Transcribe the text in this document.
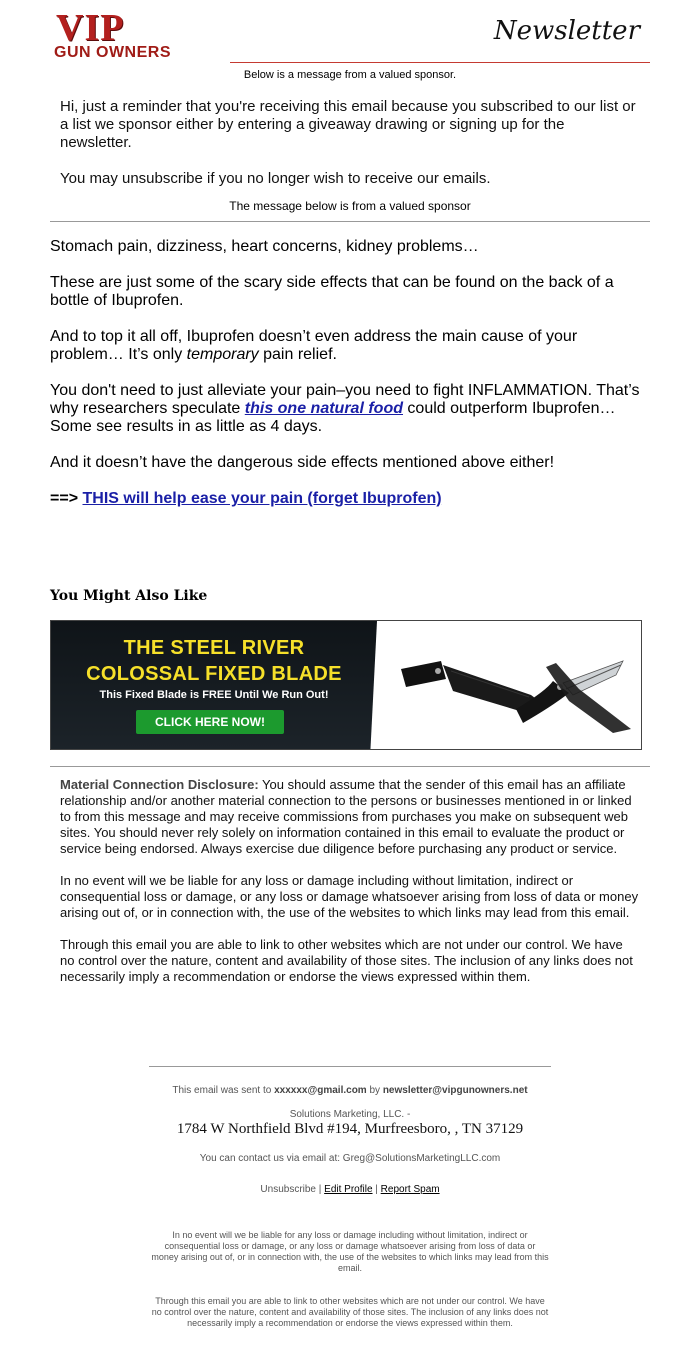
VIP
GUN OWNERS
Newsletter
Below is a message from a valued sponsor.

Hi, just a reminder that you're receiving this email because you subscribed to our list or a list we sponsor either by entering a giveaway drawing or signing up for the newsletter.

You may unsubscribe if you no longer wish to receive our emails.

The message below is from a valued sponsor

Stomach pain, dizziness, heart concerns, kidney problems…

These are just some of the scary side effects that can be found on the back of a bottle of Ibuprofen.

And to top it all off, Ibuprofen doesn’t even address the main cause of your problem… It’s only temporary pain relief.

You don't need to just alleviate your pain–you need to fight INFLAMMATION. That’s why researchers speculate this one natural food could outperform Ibuprofen… Some see results in as little as 4 days.

And it doesn’t have the dangerous side effects mentioned above either!

==> THIS will help ease your pain (forget Ibuprofen)

You Might Also Like
THE STEEL RIVER
COLOSSAL FIXED BLADE
This Fixed Blade is FREE Until We Run Out!
CLICK HERE NOW!

Material Connection Disclosure: You should assume that the sender of this email has an affiliate relationship and/or another material connection to the persons or businesses mentioned in or linked to from this message and may receive commissions from purchases you make on subsequent web sites. You should never rely solely on information contained in this email to evaluate the product or service being endorsed. Always exercise due diligence before purchasing any product or service.

In no event will we be liable for any loss or damage including without limitation, indirect or consequential loss or damage, or any loss or damage whatsoever arising from loss of data or money arising out of, or in connection with, the use of the websites to which links may lead from this email.

Through this email you are able to link to other websites which are not under our control. We have no control over the nature, content and availability of those sites. The inclusion of any links does not necessarily imply a recommendation or endorse the views expressed within them.

This email was sent to xxxxxx@gmail.com by newsletter@vipgunowners.net
Solutions Marketing, LLC. -
1784 W Northfield Blvd #194, Murfreesboro, , TN 37129
You can contact us via email at: Greg@SolutionsMarketingLLC.com
Unsubscribe | Edit Profile | Report Spam
In no event will we be liable for any loss or damage including without limitation, indirect or consequential loss or damage, or any loss or damage whatsoever arising from loss of data or money arising out of, or in connection with, the use of the websites to which links may lead from this email.
Through this email you are able to link to other websites which are not under our control. We have no control over the nature, content and availability of those sites. The inclusion of any links does not necessarily imply a recommendation or endorse the views expressed within them.
